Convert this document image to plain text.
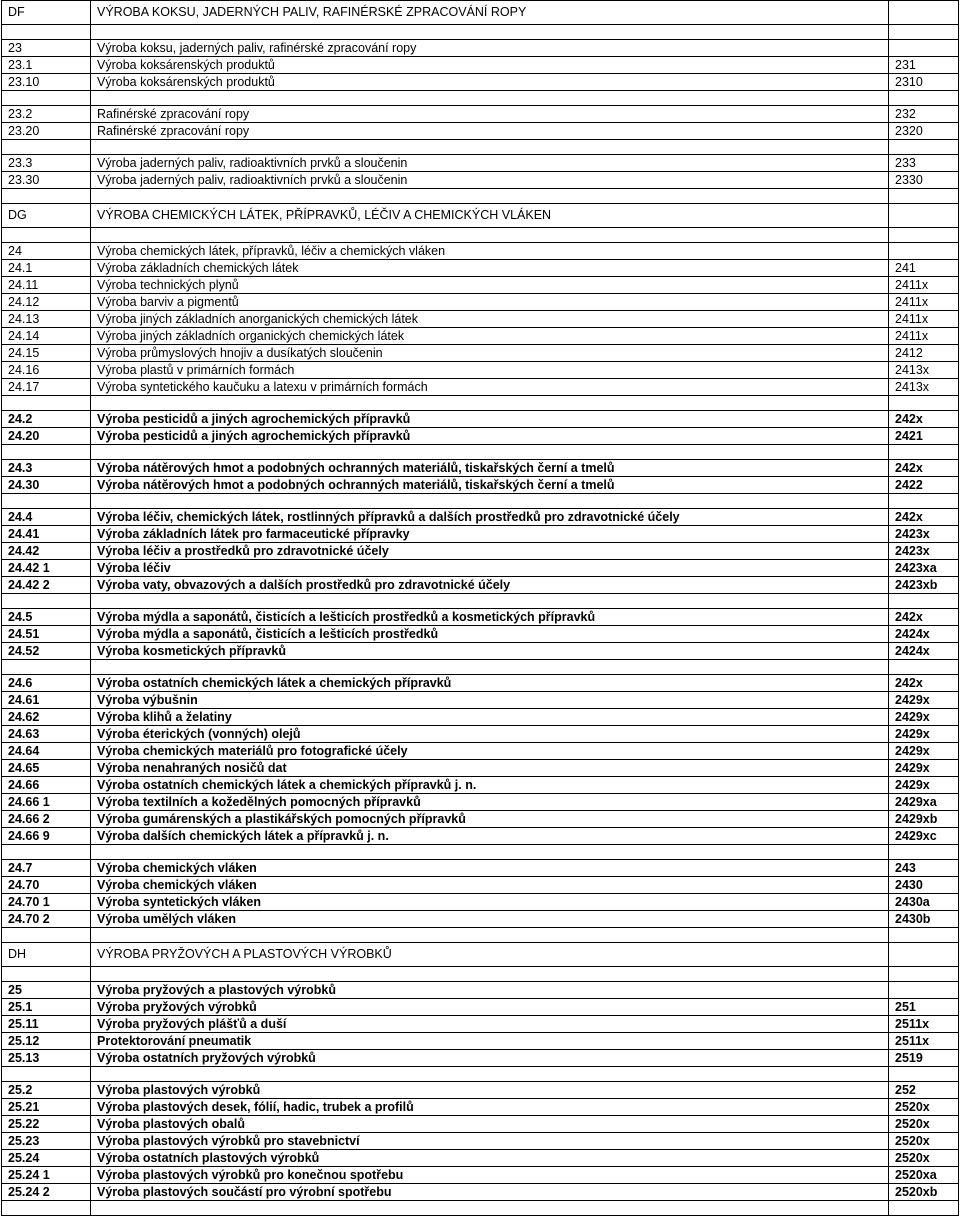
DF	VÝROBA KOKSU, JADERNÝCH PALIV, RAFINÉRSKÉ ZPRACOVÁNÍ ROPY	

23	Výroba koksu, jaderných paliv, rafinérské zpracování ropy	
23.1	Výroba koksárenských produktů	231
23.10	Výroba koksárenských produktů	2310

23.2	Rafinérské zpracování ropy	232
23.20	Rafinérské zpracování ropy	2320

23.3	Výroba jaderných paliv, radioaktivních prvků a sloučenin	233
23.30	Výroba jaderných paliv, radioaktivních prvků a sloučenin	2330

DG	VÝROBA CHEMICKÝCH LÁTEK, PŘÍPRAVKŮ, LÉČIV A CHEMICKÝCH VLÁKEN	

24	Výroba chemických látek, přípravků, léčiv a chemických vláken	
24.1	Výroba základních chemických látek	241
24.11	Výroba technických plynů	2411x
24.12	Výroba barviv a pigmentů	2411x
24.13	Výroba jiných základních anorganických chemických látek	2411x
24.14	Výroba jiných základních organických chemických látek	2411x
24.15	Výroba průmyslových hnojiv a dusíkatých sloučenin	2412
24.16	Výroba plastů v primárních formách	2413x
24.17	Výroba syntetického kaučuku a latexu v primárních formách	2413x

24.2	Výroba pesticidů a jiných agrochemických přípravků	242x
24.20	Výroba pesticidů a jiných agrochemických přípravků	2421

24.3	Výroba nátěrových hmot a podobných ochranných materiálů, tiskařských černí a tmelů	242x
24.30	Výroba nátěrových hmot a podobných ochranných materiálů, tiskařských černí a tmelů	2422

24.4	Výroba léčiv, chemických látek, rostlinných přípravků a dalších prostředků pro zdravotnické účely	242x
24.41	Výroba základních látek pro farmaceutické přípravky	2423x
24.42	Výroba léčiv a prostředků pro zdravotnické účely	2423x
24.42 1	Výroba léčiv	2423xa
24.42 2	Výroba vaty, obvazových a dalších prostředků pro zdravotnické účely	2423xb

24.5	Výroba mýdla a saponátů, čisticích a lešticích prostředků a kosmetických přípravků	242x
24.51	Výroba mýdla a saponátů, čisticích a lešticích prostředků	2424x
24.52	Výroba kosmetických přípravků	2424x

24.6	Výroba ostatních chemických látek a chemických přípravků	242x
24.61	Výroba výbušnin	2429x
24.62	Výroba klihů a želatiny	2429x
24.63	Výroba éterických (vonných) olejů	2429x
24.64	Výroba chemických materiálů pro fotografické účely	2429x
24.65	Výroba nenahraných nosičů dat	2429x
24.66	Výroba ostatních chemických látek a chemických přípravků j. n.	2429x
24.66 1	Výroba textilních a kožedělných pomocných přípravků	2429xa
24.66 2	Výroba gumárenských a plastikářských pomocných přípravků	2429xb
24.66 9	Výroba dalších chemických látek a přípravků j. n.	2429xc

24.7	Výroba chemických vláken	243
24.70	Výroba chemických vláken	2430
24.70 1	Výroba syntetických vláken	2430a
24.70 2	Výroba umělých vláken	2430b

DH	VÝROBA PRYŽOVÝCH A PLASTOVÝCH VÝROBKŮ	

25	Výroba pryžových a plastových výrobků	
25.1	Výroba pryžových výrobků	251
25.11	Výroba pryžových plášťů a duší	2511x
25.12	Protektorování pneumatik	2511x
25.13	Výroba ostatních pryžových výrobků	2519

25.2	Výroba plastových výrobků	252
25.21	Výroba plastových desek, fólií, hadic, trubek a profilů	2520x
25.22	Výroba plastových obalů	2520x
25.23	Výroba plastových výrobků pro stavebnictví	2520x
25.24	Výroba ostatních plastových výrobků	2520x
25.24 1	Výroba plastových výrobků pro konečnou spotřebu	2520xa
25.24 2	Výroba plastových součástí pro výrobní spotřebu	2520xb
